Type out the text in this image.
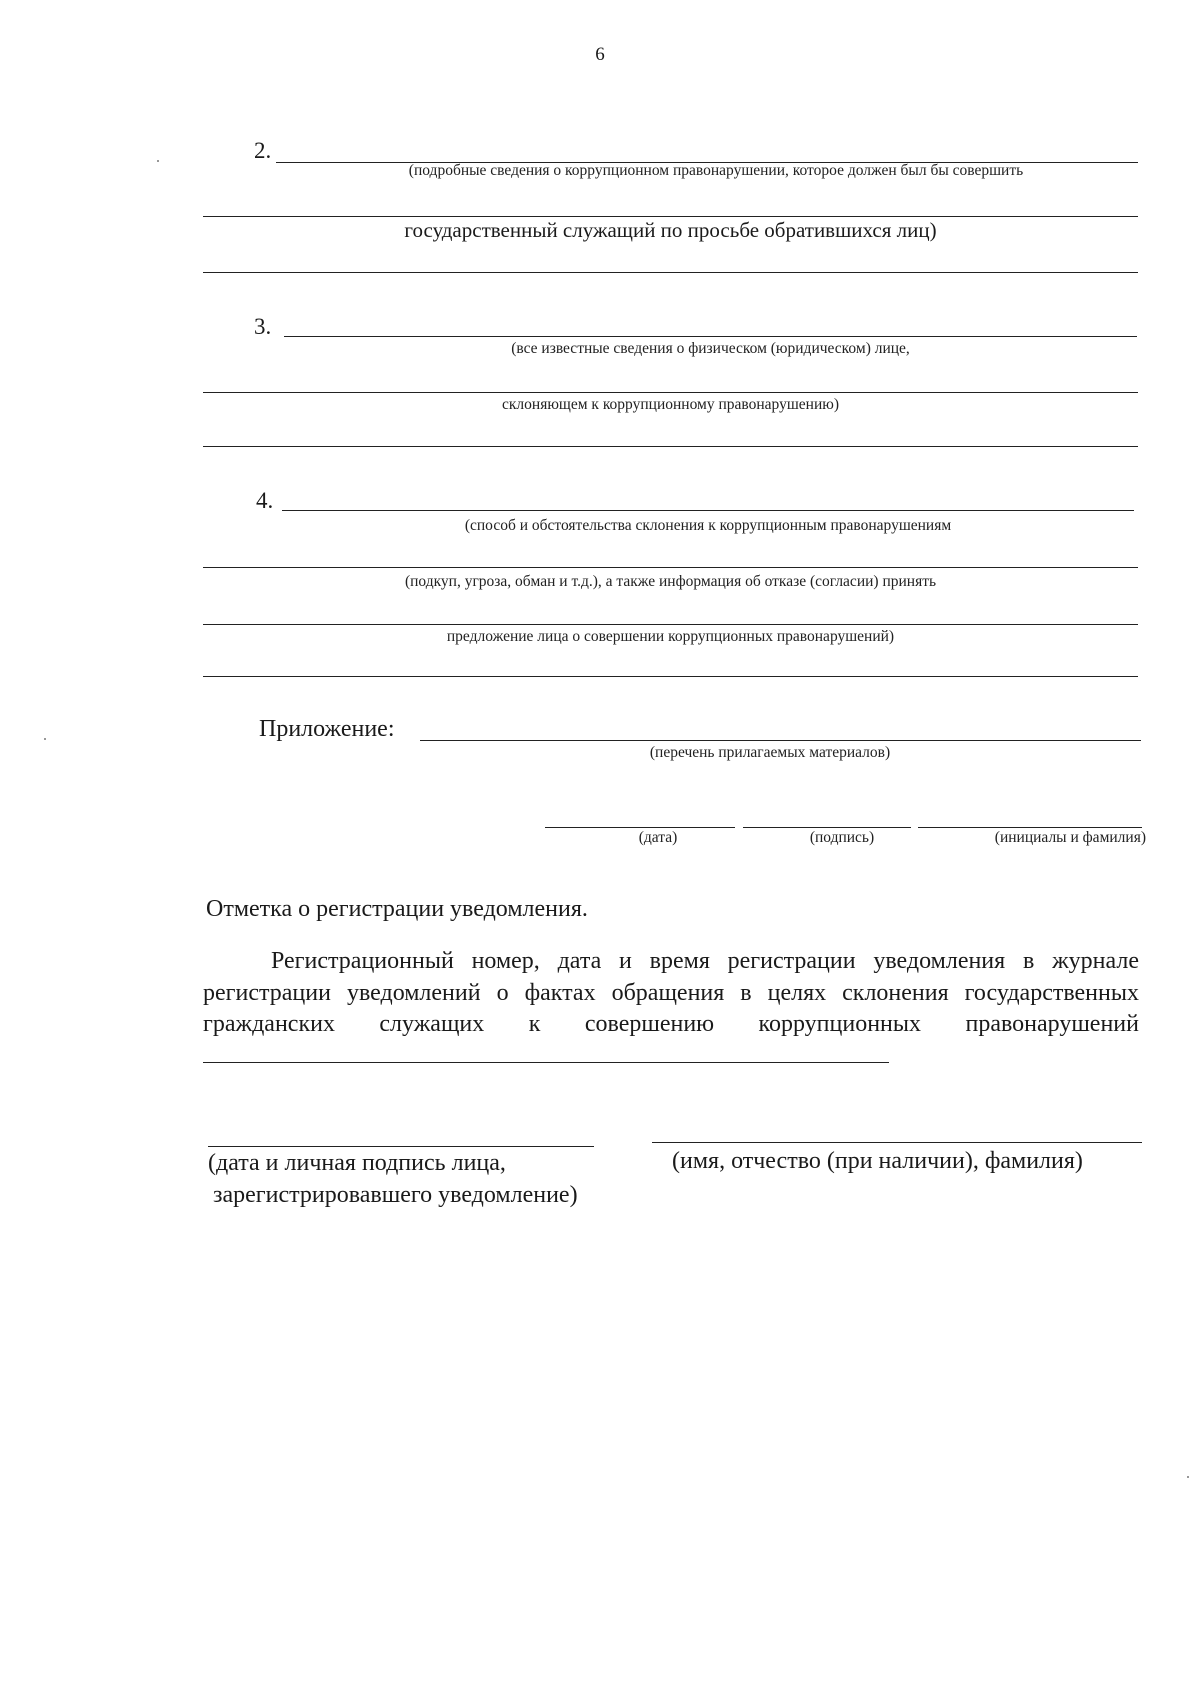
6
2.
(подробные сведения о коррупционном правонарушении, которое должен был бы совершить
государственный служащий по просьбе обратившихся лиц)
3.
(все известные сведения о физическом (юридическом) лице,
склоняющем к коррупционному правонарушению)
4.
(способ и обстоятельства склонения к коррупционным правонарушениям
(подкуп, угроза, обман и т.д.), а также информация об отказе (согласии) принять
предложение лица о совершении коррупционных правонарушений)
Приложение:
(перечень прилагаемых материалов)
(дата)	(подпись)	(инициалы и фамилия)
Отметка о регистрации уведомления.
Регистрационный номер, дата и время регистрации уведомления в журнале регистрации уведомлений о фактах обращения в целях склонения государственных гражданских служащих к совершению коррупционных правонарушений
(дата и личная подпись лица,
зарегистрировавшего уведомление)
(имя, отчество (при наличии), фамилия)
